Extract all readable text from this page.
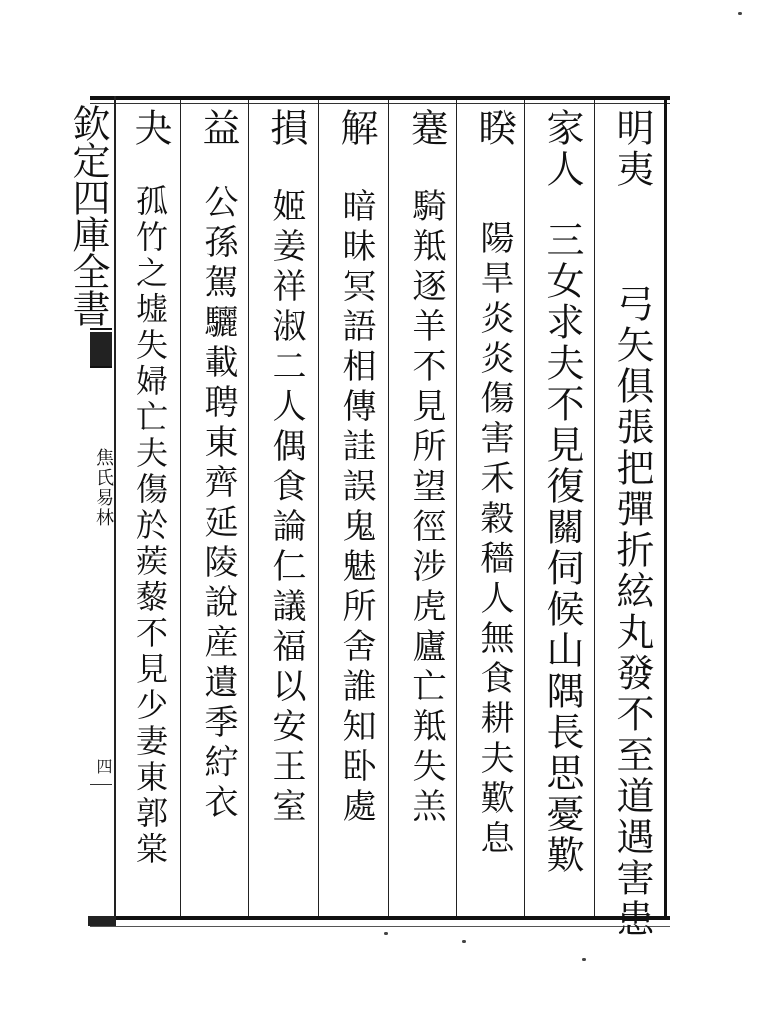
欽定四庫全書
焦氏易林
四
明夷
弓矢俱張把彈折絃丸發不至道遇害患
家人
三女求夫不見復關伺候山隅長思憂歎
睽
陽旱炎炎傷害禾穀穡人無食耕夫歎息
蹇
騎羝逐羊不見所望徑涉虎廬亡羝失羔
解
暗昧冥語相傳詿誤鬼魅所舍誰知卧處
損
姬姜祥淑二人偶食論仁議福以安王室
益
公孫駕驪載聘東齊延陵說産遺季紵衣
夬
孤竹之墟失婦亡夫傷於蒺藜不見少妻東郭棠
